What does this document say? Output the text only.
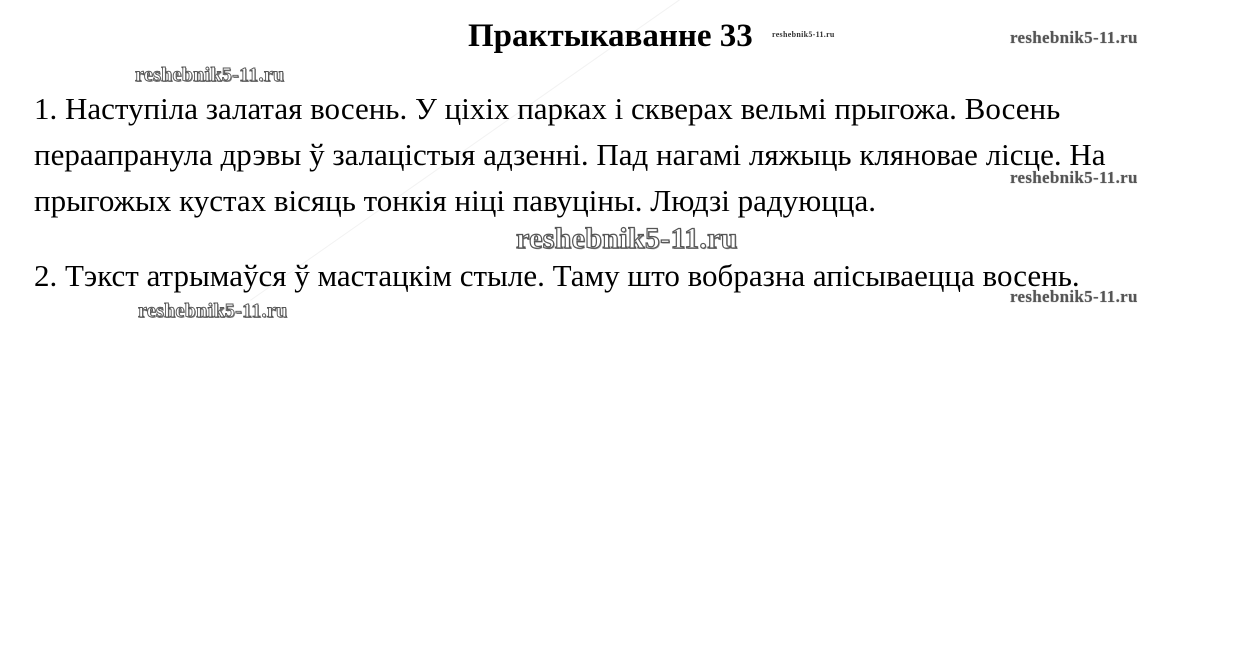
Практыкаванне 33 reshebnik5-11.ru	reshebnik5-11.ru
reshebnik5-11.ru

1. Наступіла залатая восень. У ціхіх парках і скверах вельмі прыгожа. Восень пераапранула дрэвы ў залацістыя адзенні. Пад нагамі ляжыць кляновае лісце. На прыгожых кустах вісяць тонкія ніці павуціны. Людзі радуюцца.

reshebnik5-11.ru
reshebnik5-11.ru

2. Тэкст атрымаўся ў мастацкім стылe. Таму што вобразна апісываецца восень.

reshebnik5-11.ru
reshebnik5-11.ru
